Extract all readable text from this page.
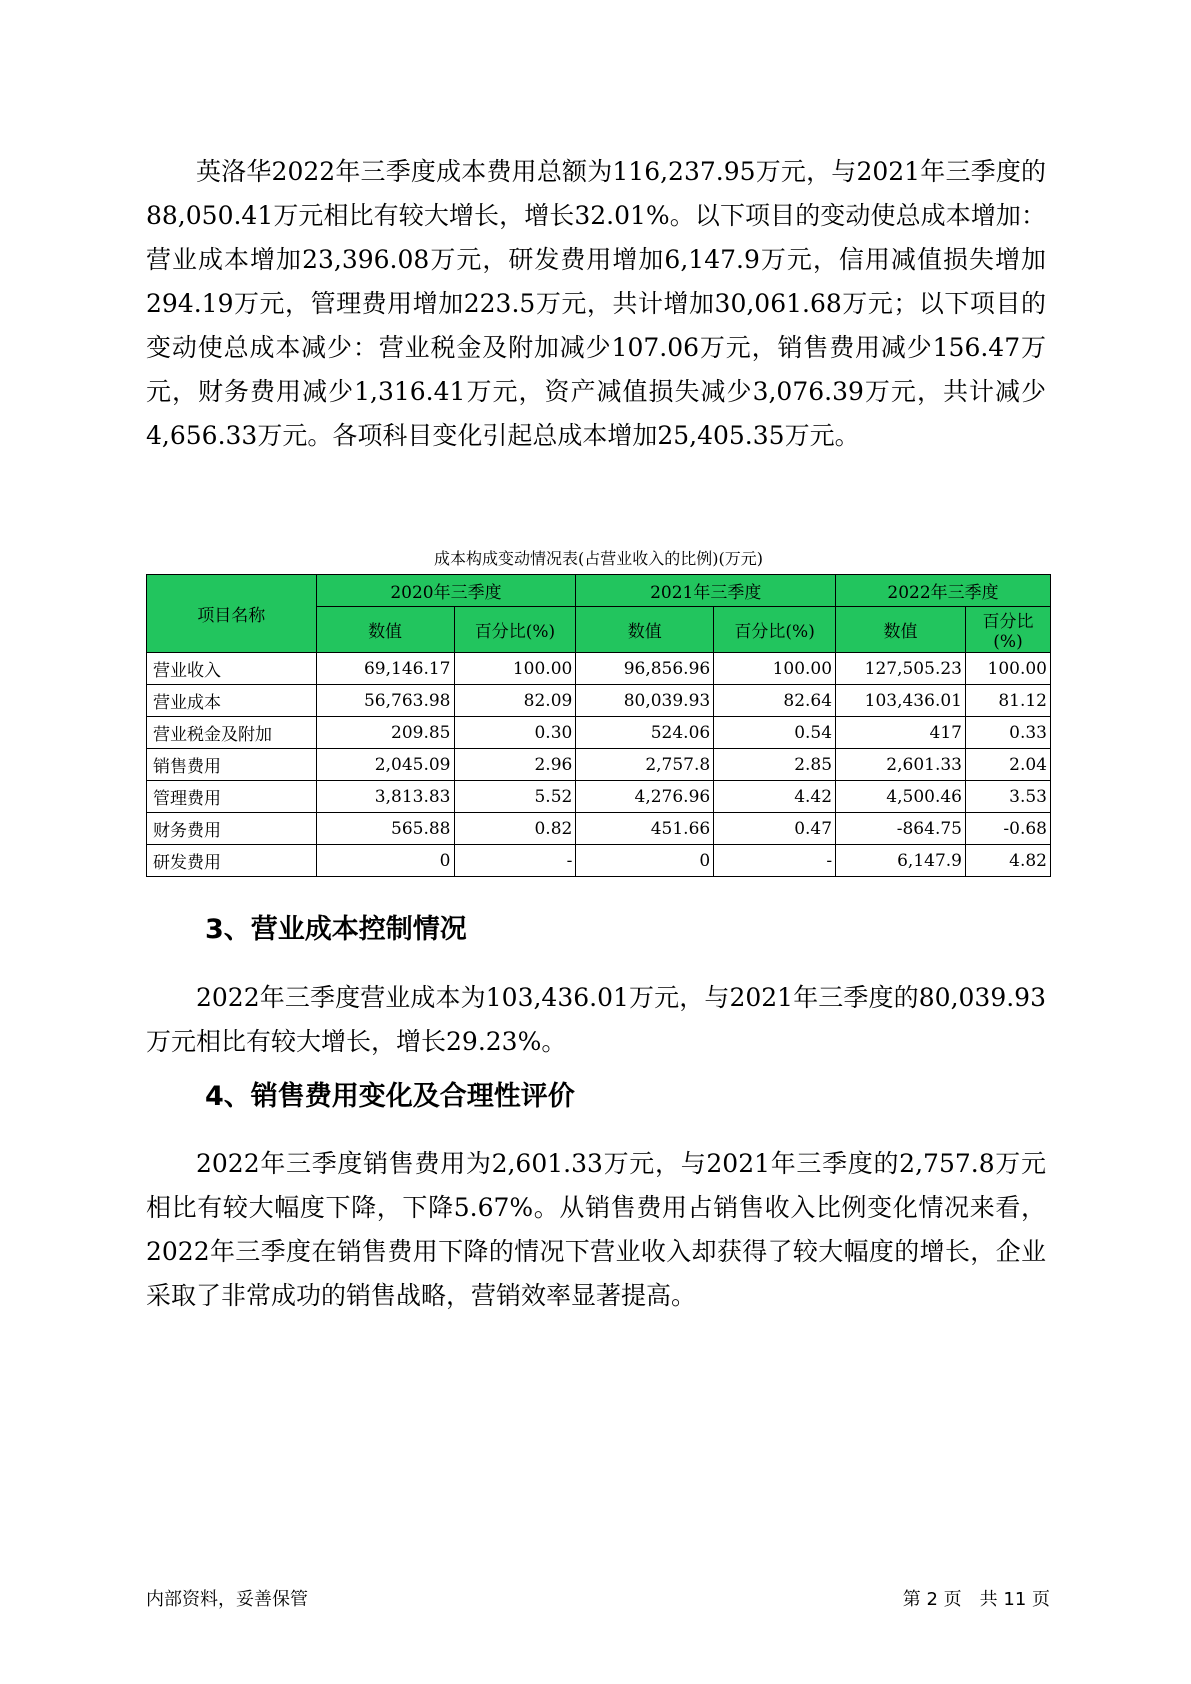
英洛华2022年三季度成本费用总额为116,237.95万元，与2021年三季度的88,050.41万元相比有较大增长，增长32.01%。以下项目的变动使总成本增加：营业成本增加23,396.08万元，研发费用增加6,147.9万元，信用减值损失增加294.19万元，管理费用增加223.5万元，共计增加30,061.68万元；以下项目的变动使总成本减少：营业税金及附加减少107.06万元，销售费用减少156.47万元，财务费用减少1,316.41万元，资产减值损失减少3,076.39万元，共计减少4,656.33万元。各项科目变化引起总成本增加25,405.35万元。

成本构成变动情况表(占营业收入的比例)(万元)
项目名称	2020年三季度		2021年三季度		2022年三季度	
	数值	百分比(%)	数值	百分比(%)	数值	百分比(%)
营业收入	69,146.17	100.00	96,856.96	100.00	127,505.23	100.00
营业成本	56,763.98	82.09	80,039.93	82.64	103,436.01	81.12
营业税金及附加	209.85	0.30	524.06	0.54	417	0.33
销售费用	2,045.09	2.96	2,757.8	2.85	2,601.33	2.04
管理费用	3,813.83	5.52	4,276.96	4.42	4,500.46	3.53
财务费用	565.88	0.82	451.66	0.47	-864.75	-0.68
研发费用	0	-	0	-	6,147.9	4.82
3、营业成本控制情况

2022年三季度营业成本为103,436.01万元，与2021年三季度的80,039.93万元相比有较大增长，增长29.23%。

4、销售费用变化及合理性评价

2022年三季度销售费用为2,601.33万元，与2021年三季度的2,757.8万元相比有较大幅度下降，下降5.67%。从销售费用占销售收入比例变化情况来看，2022年三季度在销售费用下降的情况下营业收入却获得了较大幅度的增长，企业采取了非常成功的销售战略，营销效率显著提高。

内部资料，妥善保管	第 2 页　共 11 页
